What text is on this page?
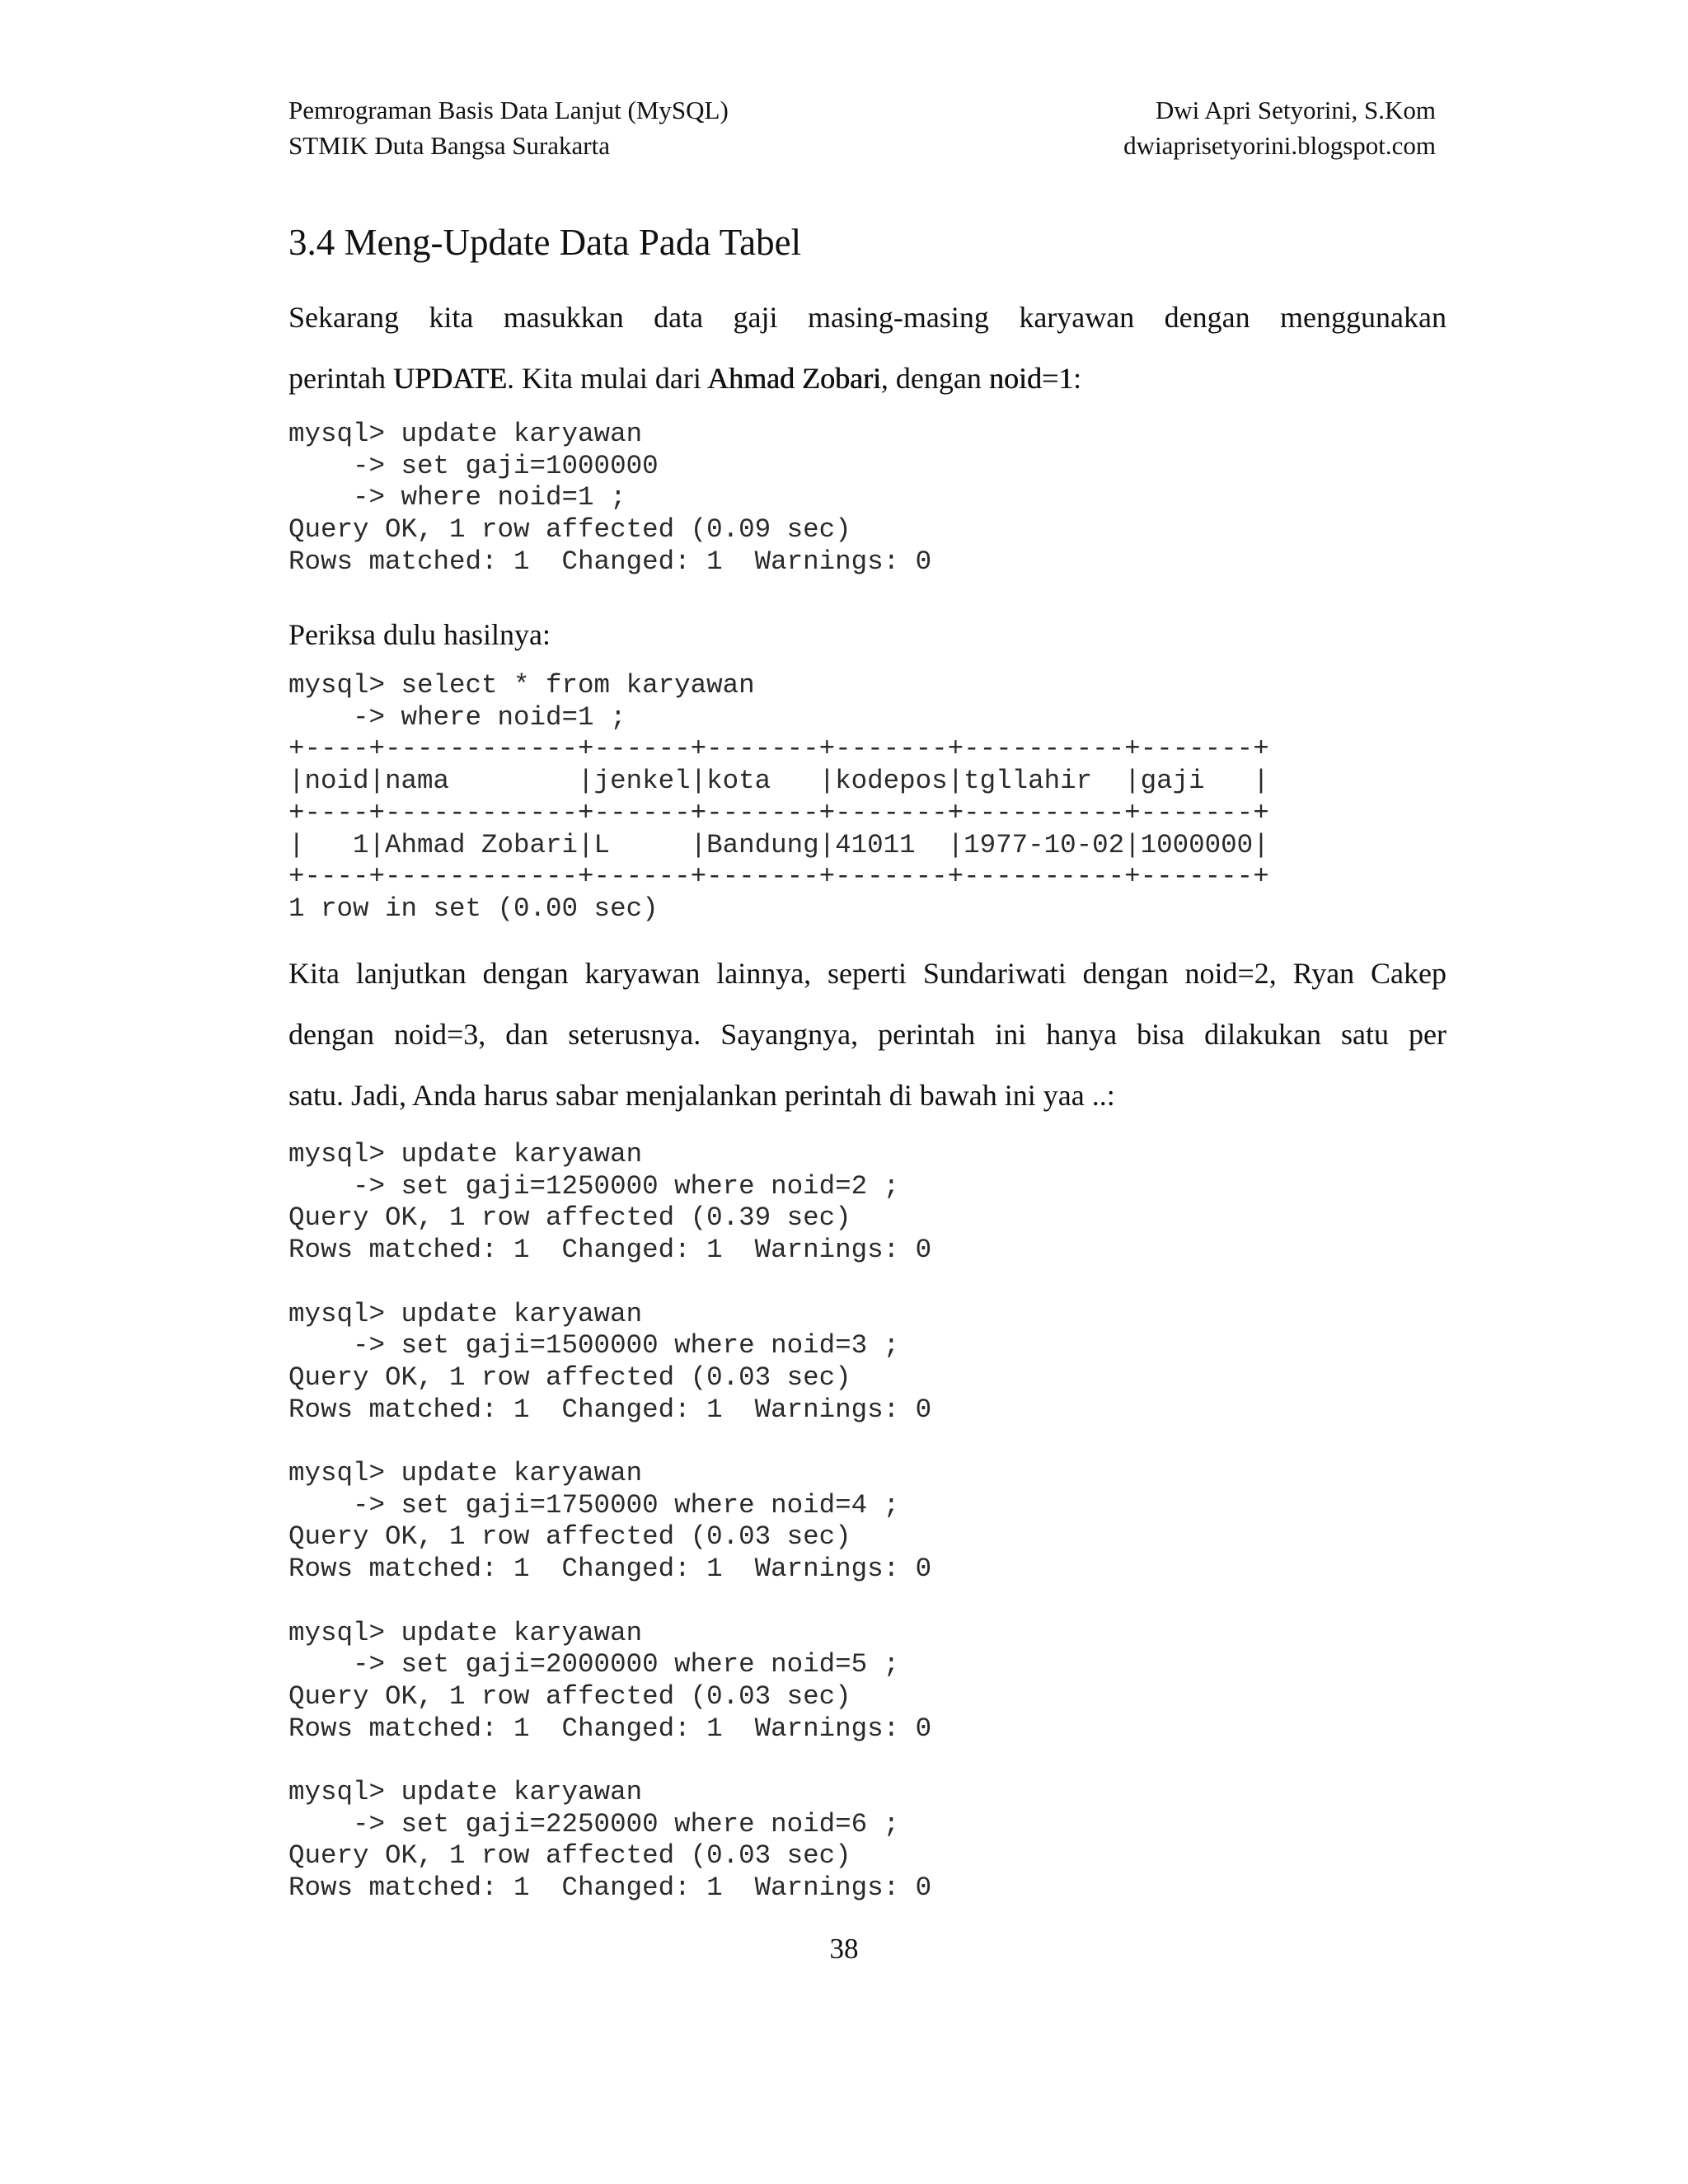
Pemrograman Basis Data Lanjut (MySQL)
STMIK Duta Bangsa Surakarta
Dwi Apri Setyorini, S.Kom
dwiaprisetyorini.blogspot.com
3.4 Meng-Update Data Pada Tabel
Sekarang kita masukkan data gaji masing-masing karyawan dengan menggunakan
perintah UPDATE. Kita mulai dari Ahmad Zobari, dengan noid=1:
mysql> update karyawan
-> set gaji=1000000
-> where noid=1 ;
Query OK, 1 row affected (0.09 sec)
Rows matched: 1  Changed: 1  Warnings: 0
Periksa dulu hasilnya:
mysql> select * from karyawan
-> where noid=1 ;
+----+------------+------+-------+-------+----------+-------+
|noid|nama        |jenkel|kota   |kodepos|tgllahir  |gaji   |
+----+------------+------+-------+-------+----------+-------+
|   1|Ahmad Zobari|L     |Bandung|41011  |1977-10-02|1000000|
+----+------------+------+-------+-------+----------+-------+
1 row in set (0.00 sec)
Kita lanjutkan dengan karyawan lainnya, seperti Sundariwati dengan noid=2, Ryan Cakep
dengan noid=3, dan seterusnya. Sayangnya, perintah ini hanya bisa dilakukan satu per
satu. Jadi, Anda harus sabar menjalankan perintah di bawah ini yaa ..:
mysql> update karyawan
-> set gaji=1250000 where noid=2 ;
Query OK, 1 row affected (0.39 sec)
Rows matched: 1  Changed: 1  Warnings: 0

mysql> update karyawan
-> set gaji=1500000 where noid=3 ;
Query OK, 1 row affected (0.03 sec)
Rows matched: 1  Changed: 1  Warnings: 0

mysql> update karyawan
-> set gaji=1750000 where noid=4 ;
Query OK, 1 row affected (0.03 sec)
Rows matched: 1  Changed: 1  Warnings: 0

mysql> update karyawan
-> set gaji=2000000 where noid=5 ;
Query OK, 1 row affected (0.03 sec)
Rows matched: 1  Changed: 1  Warnings: 0

mysql> update karyawan
-> set gaji=2250000 where noid=6 ;
Query OK, 1 row affected (0.03 sec)
Rows matched: 1  Changed: 1  Warnings: 0
38
